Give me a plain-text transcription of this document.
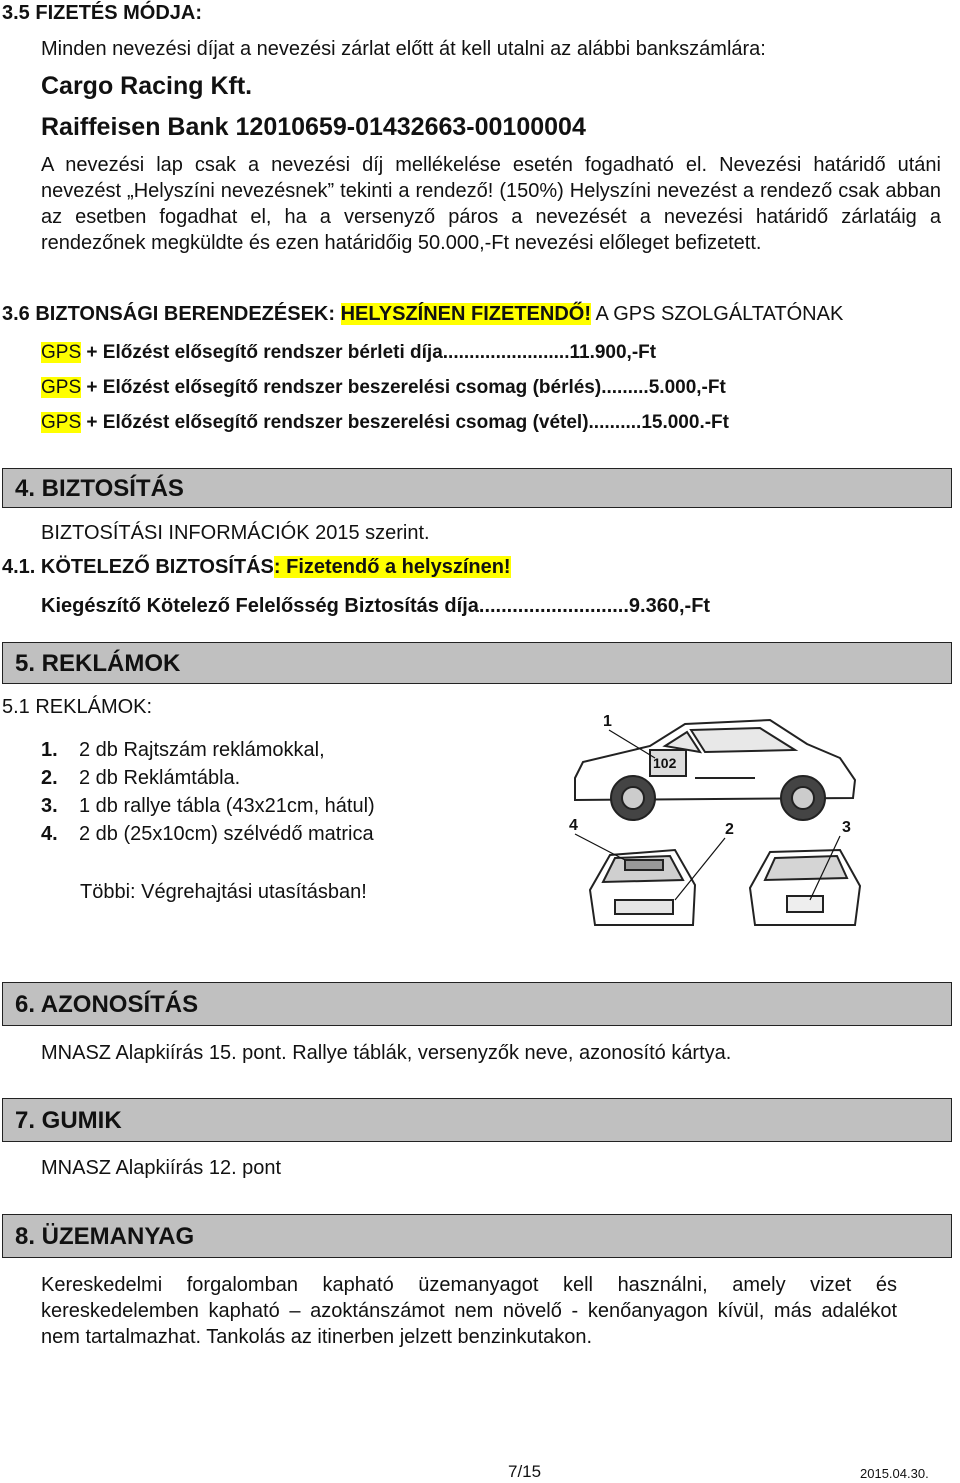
3.5 FIZETÉS MÓDJA:
Minden nevezési díjat a nevezési zárlat előtt át kell utalni az alábbi bankszámlára:
Cargo Racing Kft.
Raiffeisen Bank 12010659-01432663-00100004
A nevezési lap csak a nevezési díj mellékelése esetén fogadható el. Nevezési határidő utáni nevezést „Helyszíni nevezésnek” tekinti a rendező! (150%) Helyszíni nevezést a rendező csak abban az esetben fogadhat el, ha a versenyző páros a nevezését a nevezési határidő zárlatáig a rendezőnek megküldte és ezen határidőig 50.000,-Ft nevezési előleget befizetett.
3.6 BIZTONSÁGI BERENDEZÉSEK: HELYSZÍNEN FIZETENDŐ! A GPS SZOLGÁLTATÓNAK
GPS + Előzést elősegítő rendszer bérleti díja........................11.900,-Ft
GPS + Előzést elősegítő rendszer beszerelési csomag (bérlés).........5.000,-Ft
GPS + Előzést elősegítő rendszer beszerelési csomag (vétel)..........15.000.-Ft
4. BIZTOSÍTÁS
BIZTOSÍTÁSI INFORMÁCIÓK 2015 szerint.
4.1. KÖTELEZŐ BIZTOSÍTÁS: Fizetendő a helyszínen!
Kiegészítő Kötelező Felelősség Biztosítás díja...........................9.360,-Ft
5. REKLÁMOK
5.1 REKLÁMOK:
1. 2 db Rajtszám reklámokkal,
2. 2 db Reklámtábla.
3. 1 db rallye tábla (43x21cm, hátul)
4. 2 db (25x10cm) szélvédő matrica
Többi: Végrehajtási utasításban!
102
1
4	2	3
6. AZONOSÍTÁS
MNASZ Alapkiírás 15. pont. Rallye táblák, versenyzők neve, azonosító kártya.
7. GUMIK
MNASZ Alapkiírás 12. pont
8. ÜZEMANYAG
Kereskedelmi forgalomban kapható üzemanyagot kell használni, amely vizet és kereskedelemben kapható – azoktánszámot nem növelő - kenőanyagon kívül, más adalékot nem tartalmazhat. Tankolás az itinerben jelzett benzinkutakon.
7/15	2015.04.30.
